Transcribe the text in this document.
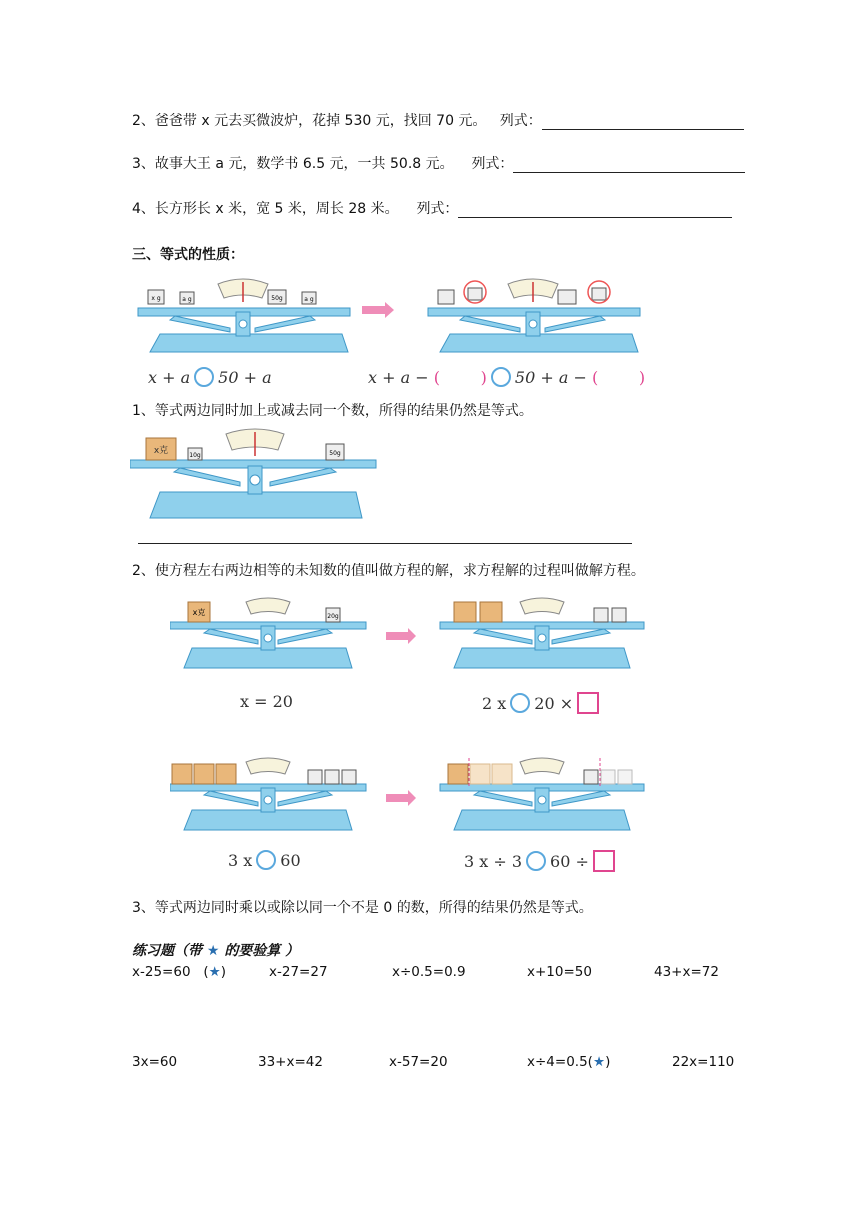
2、爸爸带 x 元去买微波炉，花掉 530 元，找回 70 元。 列式：
3、故事大王 a 元，数学书 6.5 元，一共 50.8 元。 列式：
4、长方形长 x 米，宽 5 米，周长 28 米。 列式：
三、等式的性质：
x g	a g	50g	a g
x + a 50 + a	x + a − (	) 50 + a − (	)
1、等式两边同时加上或减去同一个数，所得的结果仍然是等式。
x克	10g	50g
2、使方程左右两边相等的未知数的值叫做方程的解，求方程解的过程叫做解方程。
x克	20g
x = 20	2 x 20 ×
3 x 60	3 x ÷ 3 60 ÷
3、等式两边同时乘以或除以同一个不是 0 的数，所得的结果仍然是等式。
练习题（带 ★ 的要验算 ）
x-25=60   (★)	x-27=27	x÷0.5=0.9	x+10=50	43+x=72
3x=60	33+x=42	x-57=20	x÷4=0.5(★)	22x=110
